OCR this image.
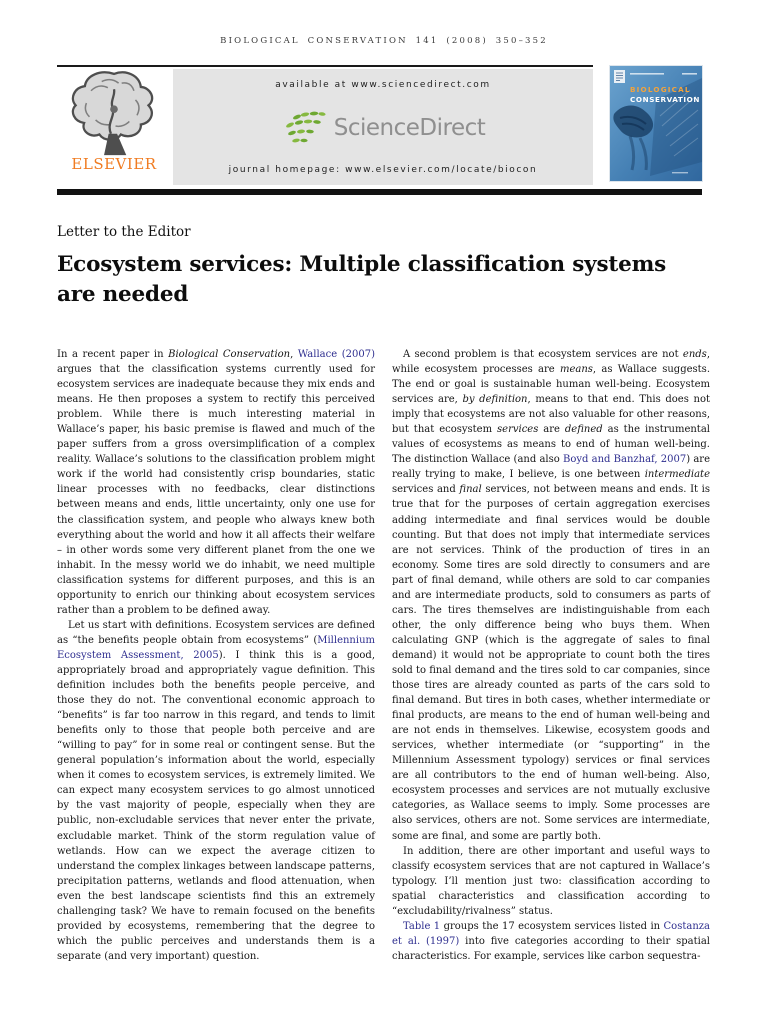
BIOLOGICAL CONSERVATION 141 (2008) 350–352
ELSEVIER
available at www.sciencedirect.com
ScienceDirect
journal homepage: www.elsevier.com/locate/biocon
BIOLOGICAL
CONSERVATION
Letter to the Editor
Ecosystem services: Multiple classification systems are needed

In a recent paper in Biological Conservation, Wallace (2007) argues that the classification systems currently used for ecosystem services are inadequate because they mix ends and means. He then proposes a system to rectify this perceived problem. While there is much interesting material in Wallace’s paper, his basic premise is flawed and much of the paper suffers from a gross oversimplification of a complex reality. Wallace’s solutions to the classification problem might work if the world had consistently crisp boundaries, static linear processes with no feedbacks, clear distinctions between means and ends, little uncertainty, only one use for the classification system, and people who always knew both everything about the world and how it all affects their welfare – in other words some very different planet from the one we inhabit. In the messy world we do inhabit, we need multiple classification systems for different purposes, and this is an opportunity to enrich our thinking about ecosystem services rather than a problem to be defined away.

Let us start with definitions. Ecosystem services are defined as “the benefits people obtain from ecosystems” (Millennium Ecosystem Assessment, 2005). I think this is a good, appropriately broad and appropriately vague definition. This definition includes both the benefits people perceive, and those they do not. The conventional economic approach to “benefits” is far too narrow in this regard, and tends to limit benefits only to those that people both perceive and are “willing to pay” for in some real or contingent sense. But the general population’s information about the world, especially when it comes to ecosystem services, is extremely limited. We can expect many ecosystem services to go almost unnoticed by the vast majority of people, especially when they are public, non-excludable services that never enter the private, excludable market. Think of the storm regulation value of wetlands. How can we expect the average citizen to understand the complex linkages between landscape patterns, precipitation patterns, wetlands and flood attenuation, when even the best landscape scientists find this an extremely challenging task? We have to remain focused on the benefits provided by ecosystems, remembering that the degree to which the public perceives and understands them is a separate (and very important) question.

A second problem is that ecosystem services are not ends, while ecosystem processes are means, as Wallace suggests. The end or goal is sustainable human well-being. Ecosystem services are, by definition, means to that end. This does not imply that ecosystems are not also valuable for other reasons, but that ecosystem services are defined as the instrumental values of ecosystems as means to end of human well-being. The distinction Wallace (and also Boyd and Banzhaf, 2007) are really trying to make, I believe, is one between intermediate services and final services, not between means and ends. It is true that for the purposes of certain aggregation exercises adding intermediate and final services would be double counting. But that does not imply that intermediate services are not services. Think of the production of tires in an economy. Some tires are sold directly to consumers and are part of final demand, while others are sold to car companies and are intermediate products, sold to consumers as parts of cars. The tires themselves are indistinguishable from each other, the only difference being who buys them. When calculating GNP (which is the aggregate of sales to final demand) it would not be appropriate to count both the tires sold to final demand and the tires sold to car companies, since those tires are already counted as parts of the cars sold to final demand. But tires in both cases, whether intermediate or final products, are means to the end of human well-being and are not ends in themselves. Likewise, ecosystem goods and services, whether intermediate (or “supporting” in the Millennium Assessment typology) services or final services are all contributors to the end of human well-being. Also, ecosystem processes and services are not mutually exclusive categories, as Wallace seems to imply. Some processes are also services, others are not. Some services are intermediate, some are final, and some are partly both.

In addition, there are other important and useful ways to classify ecosystem services that are not captured in Wallace’s typology. I’ll mention just two: classification according to spatial characteristics and classification according to “excludability/rivalness” status.

Table 1 groups the 17 ecosystem services listed in Costanza et al. (1997) into five categories according to their spatial characteristics. For example, services like carbon sequestra-
